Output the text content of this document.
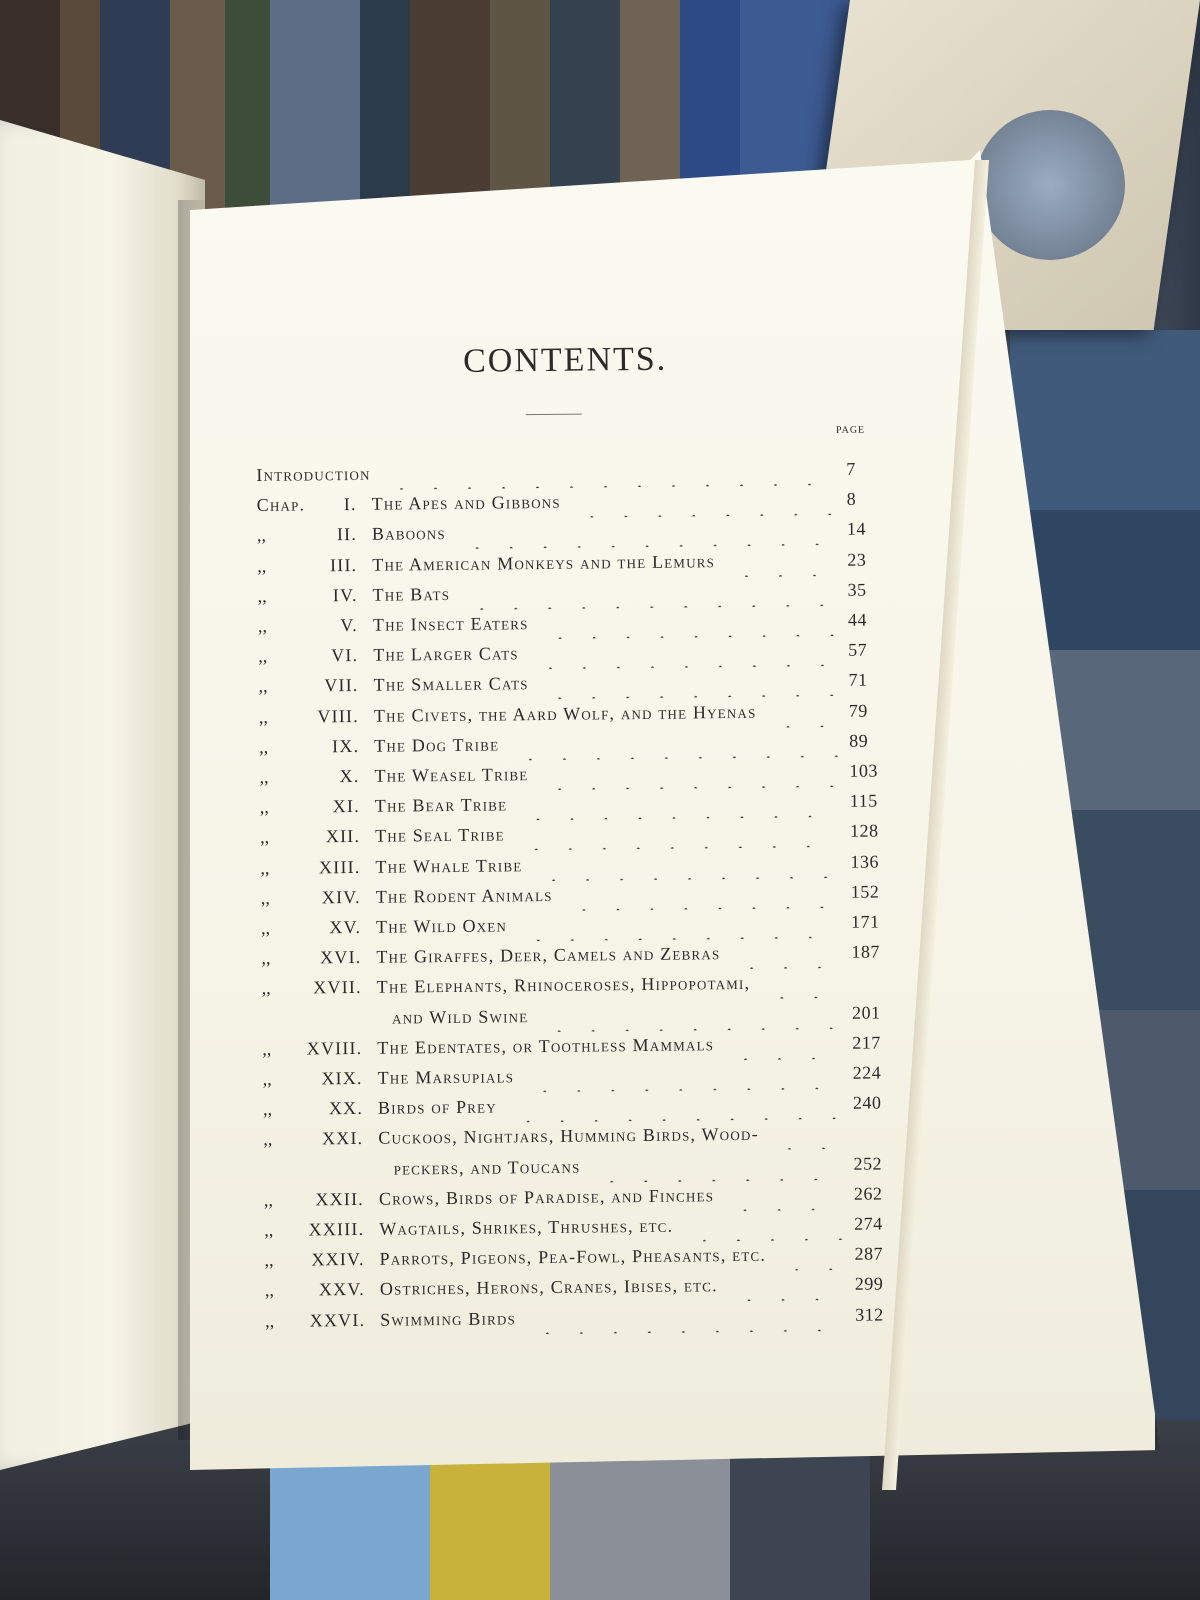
CONTENTS.
PAGE
Introduction	7
Chap.	I. The Apes and Gibbons	8
,,	II. Baboons	14
,,	III. The American Monkeys and the Lemurs	23
,,	IV. The Bats	35
,,	V. The Insect Eaters	44
,,	VI. The Larger Cats	57
,,	VII. The Smaller Cats	71
,,	VIII. The Civets, the Aard Wolf, and the Hyenas	79
,,	IX. The Dog Tribe	89
,,	X. The Weasel Tribe	103
,,	XI. The Bear Tribe	115
,,	XII. The Seal Tribe	128
,,	XIII. The Whale Tribe	136
,,	XIV. The Rodent Animals	152
,,	XV. The Wild Oxen	171
,,	XVI. The Giraffes, Deer, Camels and Zebras	187
,,	XVII. The Elephants, Rhinoceroses, Hippopotami,
and Wild Swine	201
,,	XVIII. The Edentates, or Toothless Mammals	217
,,	XIX. The Marsupials	224
,,	XX. Birds of Prey	240
,,	XXI. Cuckoos, Nightjars, Humming Birds, Wood-
peckers, and Toucans	252
,,	XXII. Crows, Birds of Paradise, and Finches	262
,,	XXIII. Wagtails, Shrikes, Thrushes, etc.	274
,,	XXIV. Parrots, Pigeons, Pea-Fowl, Pheasants, etc.	287
,,	XXV. Ostriches, Herons, Cranes, Ibises, etc.	299
,,	XXVI. Swimming Birds	312
